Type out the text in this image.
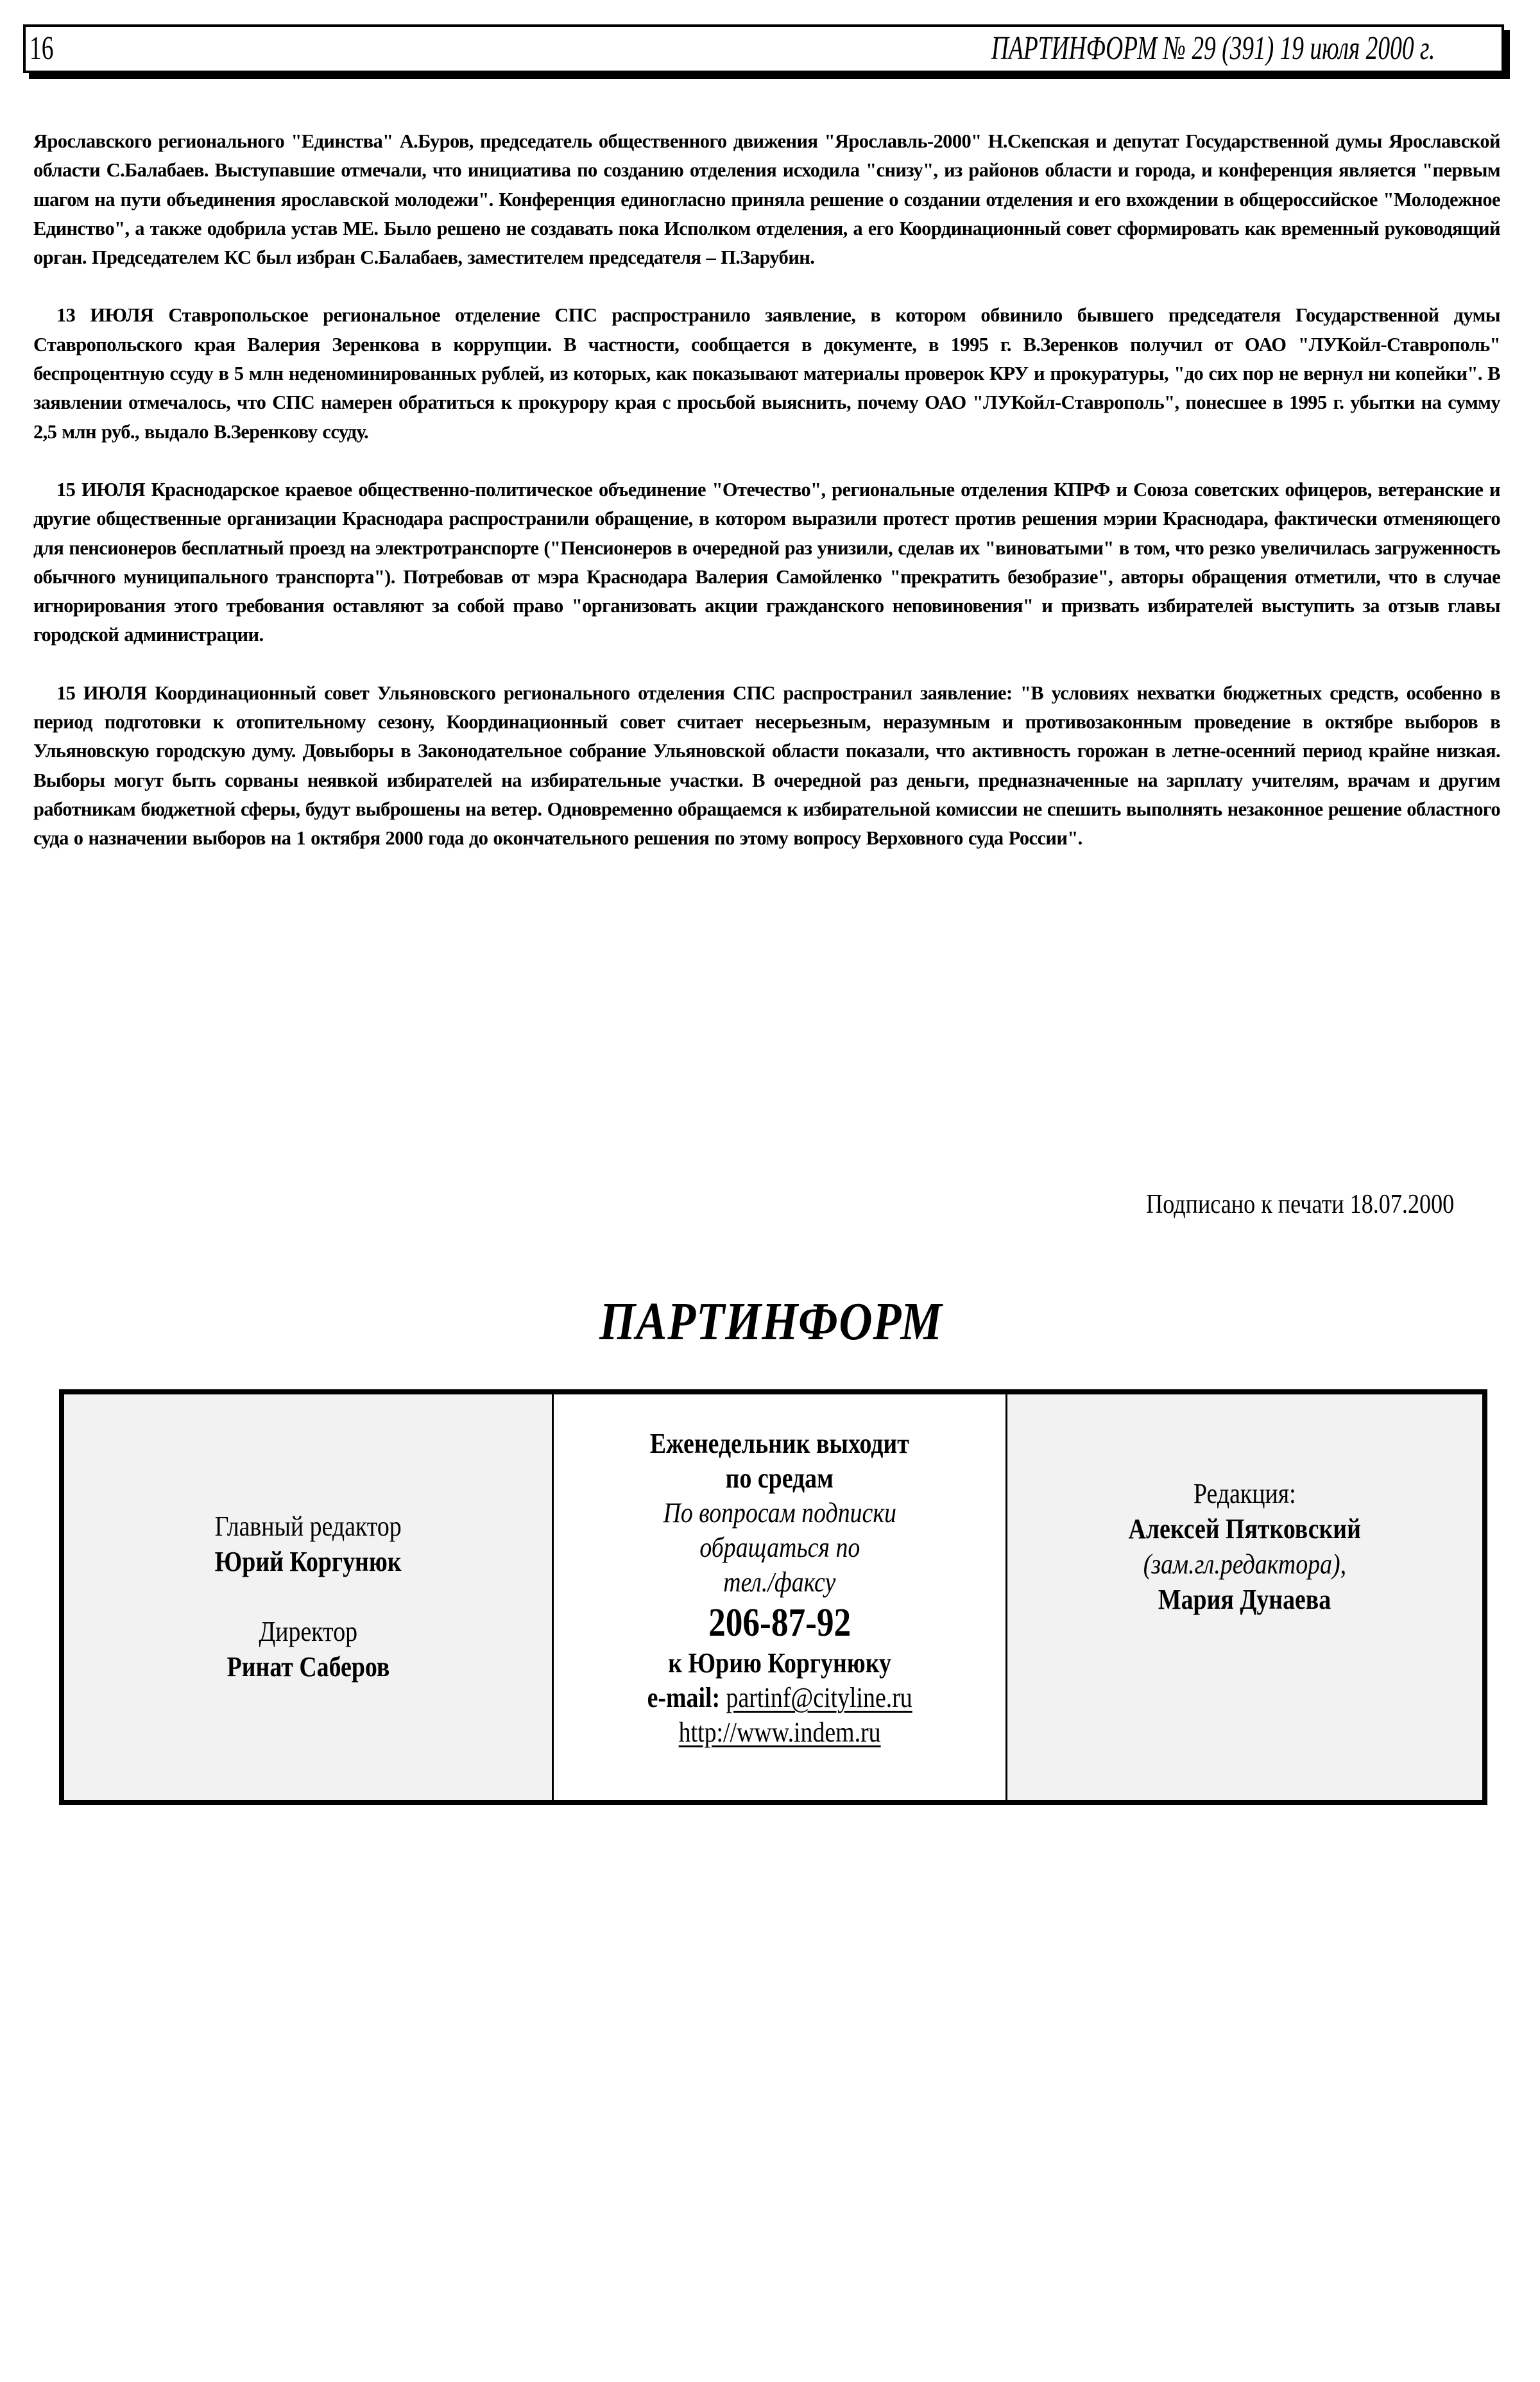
16	ПАРТИНФОРМ № 29 (391) 19 июля 2000 г.

Ярославского регионального "Единства" А.Буров, председатель общественного движения "Ярославль-2000" Н.Скепская и депутат Государственной думы Ярославской области С.Балабаев. Выступавшие отмечали, что инициатива по созданию отделения исходила "снизу", из районов области и города, и конференция является "первым шагом на пути объединения ярославской молодежи". Конференция единогласно приняла решение о создании отделения и его вхождении в общероссийское "Молодежное Единство", а также одобрила устав МЕ. Было решено не создавать пока Исполком отделения, а его Координационный совет сформировать как временный руководящий орган. Председателем КС был избран С.Балабаев, заместителем председателя – П.Зарубин.

13 ИЮЛЯ Ставропольское региональное отделение СПС распространило заявление, в котором обвинило бывшего председателя Государственной думы Ставропольского края Валерия Зеренкова в коррупции. В частности, сообщается в документе, в 1995 г. В.Зеренков получил от ОАО "ЛУКойл-Ставрополь" беспроцентную ссуду в 5 млн неденоминированных рублей, из которых, как показывают материалы проверок КРУ и прокуратуры, "до сих пор не вернул ни копейки". В заявлении отмечалось, что СПС намерен обратиться к прокурору края с просьбой выяснить, почему ОАО "ЛУКойл-Ставрополь", понесшее в 1995 г. убытки на сумму 2,5 млн руб., выдало В.Зеренкову ссуду.

15 ИЮЛЯ Краснодарское краевое общественно-политическое объединение "Отечество", региональные отделения КПРФ и Союза советских офицеров, ветеранские и другие общественные организации Краснодара распространили обращение, в котором выразили протест против решения мэрии Краснодара, фактически отменяющего для пенсионеров бесплатный проезд на электротранспорте ("Пенсионеров в очередной раз унизили, сделав их "виноватыми" в том, что резко увеличилась загруженность обычного муниципального транспорта"). Потребовав от мэра Краснодара Валерия Самойленко "прекратить безобразие", авторы обращения отметили, что в случае игнорирования этого требования оставляют за собой право "организовать акции гражданского неповиновения" и призвать избирателей выступить за отзыв главы городской администрации.

15 ИЮЛЯ Координационный совет Ульяновского регионального отделения СПС распространил заявление: "В условиях нехватки бюджетных средств, особенно в период подготовки к отопительному сезону, Координационный совет считает несерьезным, неразумным и противозаконным проведение в октябре выборов в Ульяновскую городскую думу. Довыборы в Законодательное собрание Ульяновской области показали, что активность горожан в летне-осенний период крайне низкая. Выборы могут быть сорваны неявкой избирателей на избирательные участки. В очередной раз деньги, предназначенные на зарплату учителям, врачам и другим работникам бюджетной сферы, будут выброшены на ветер. Одновременно обращаемся к избирательной комиссии не спешить выполнять незаконное решение областного суда о назначении выборов на 1 октября 2000 года до окончательного решения по этому вопросу Верховного суда России".

Подписано к печати 18.07.2000
ПАРТИНФОРМ
Главный редактор
Юрий Коргунюк
Директор
Ринат Саберов
Еженедельник выходит
по средам
По вопросам подписки
обращаться по
тел./факсу
206-87-92
к Юрию Коргунюку
e-mail: partinf@cityline.ru
http://www.indem.ru
Редакция:
Алексей Пятковский
(зам.гл.редактора),
Мария Дунаева
